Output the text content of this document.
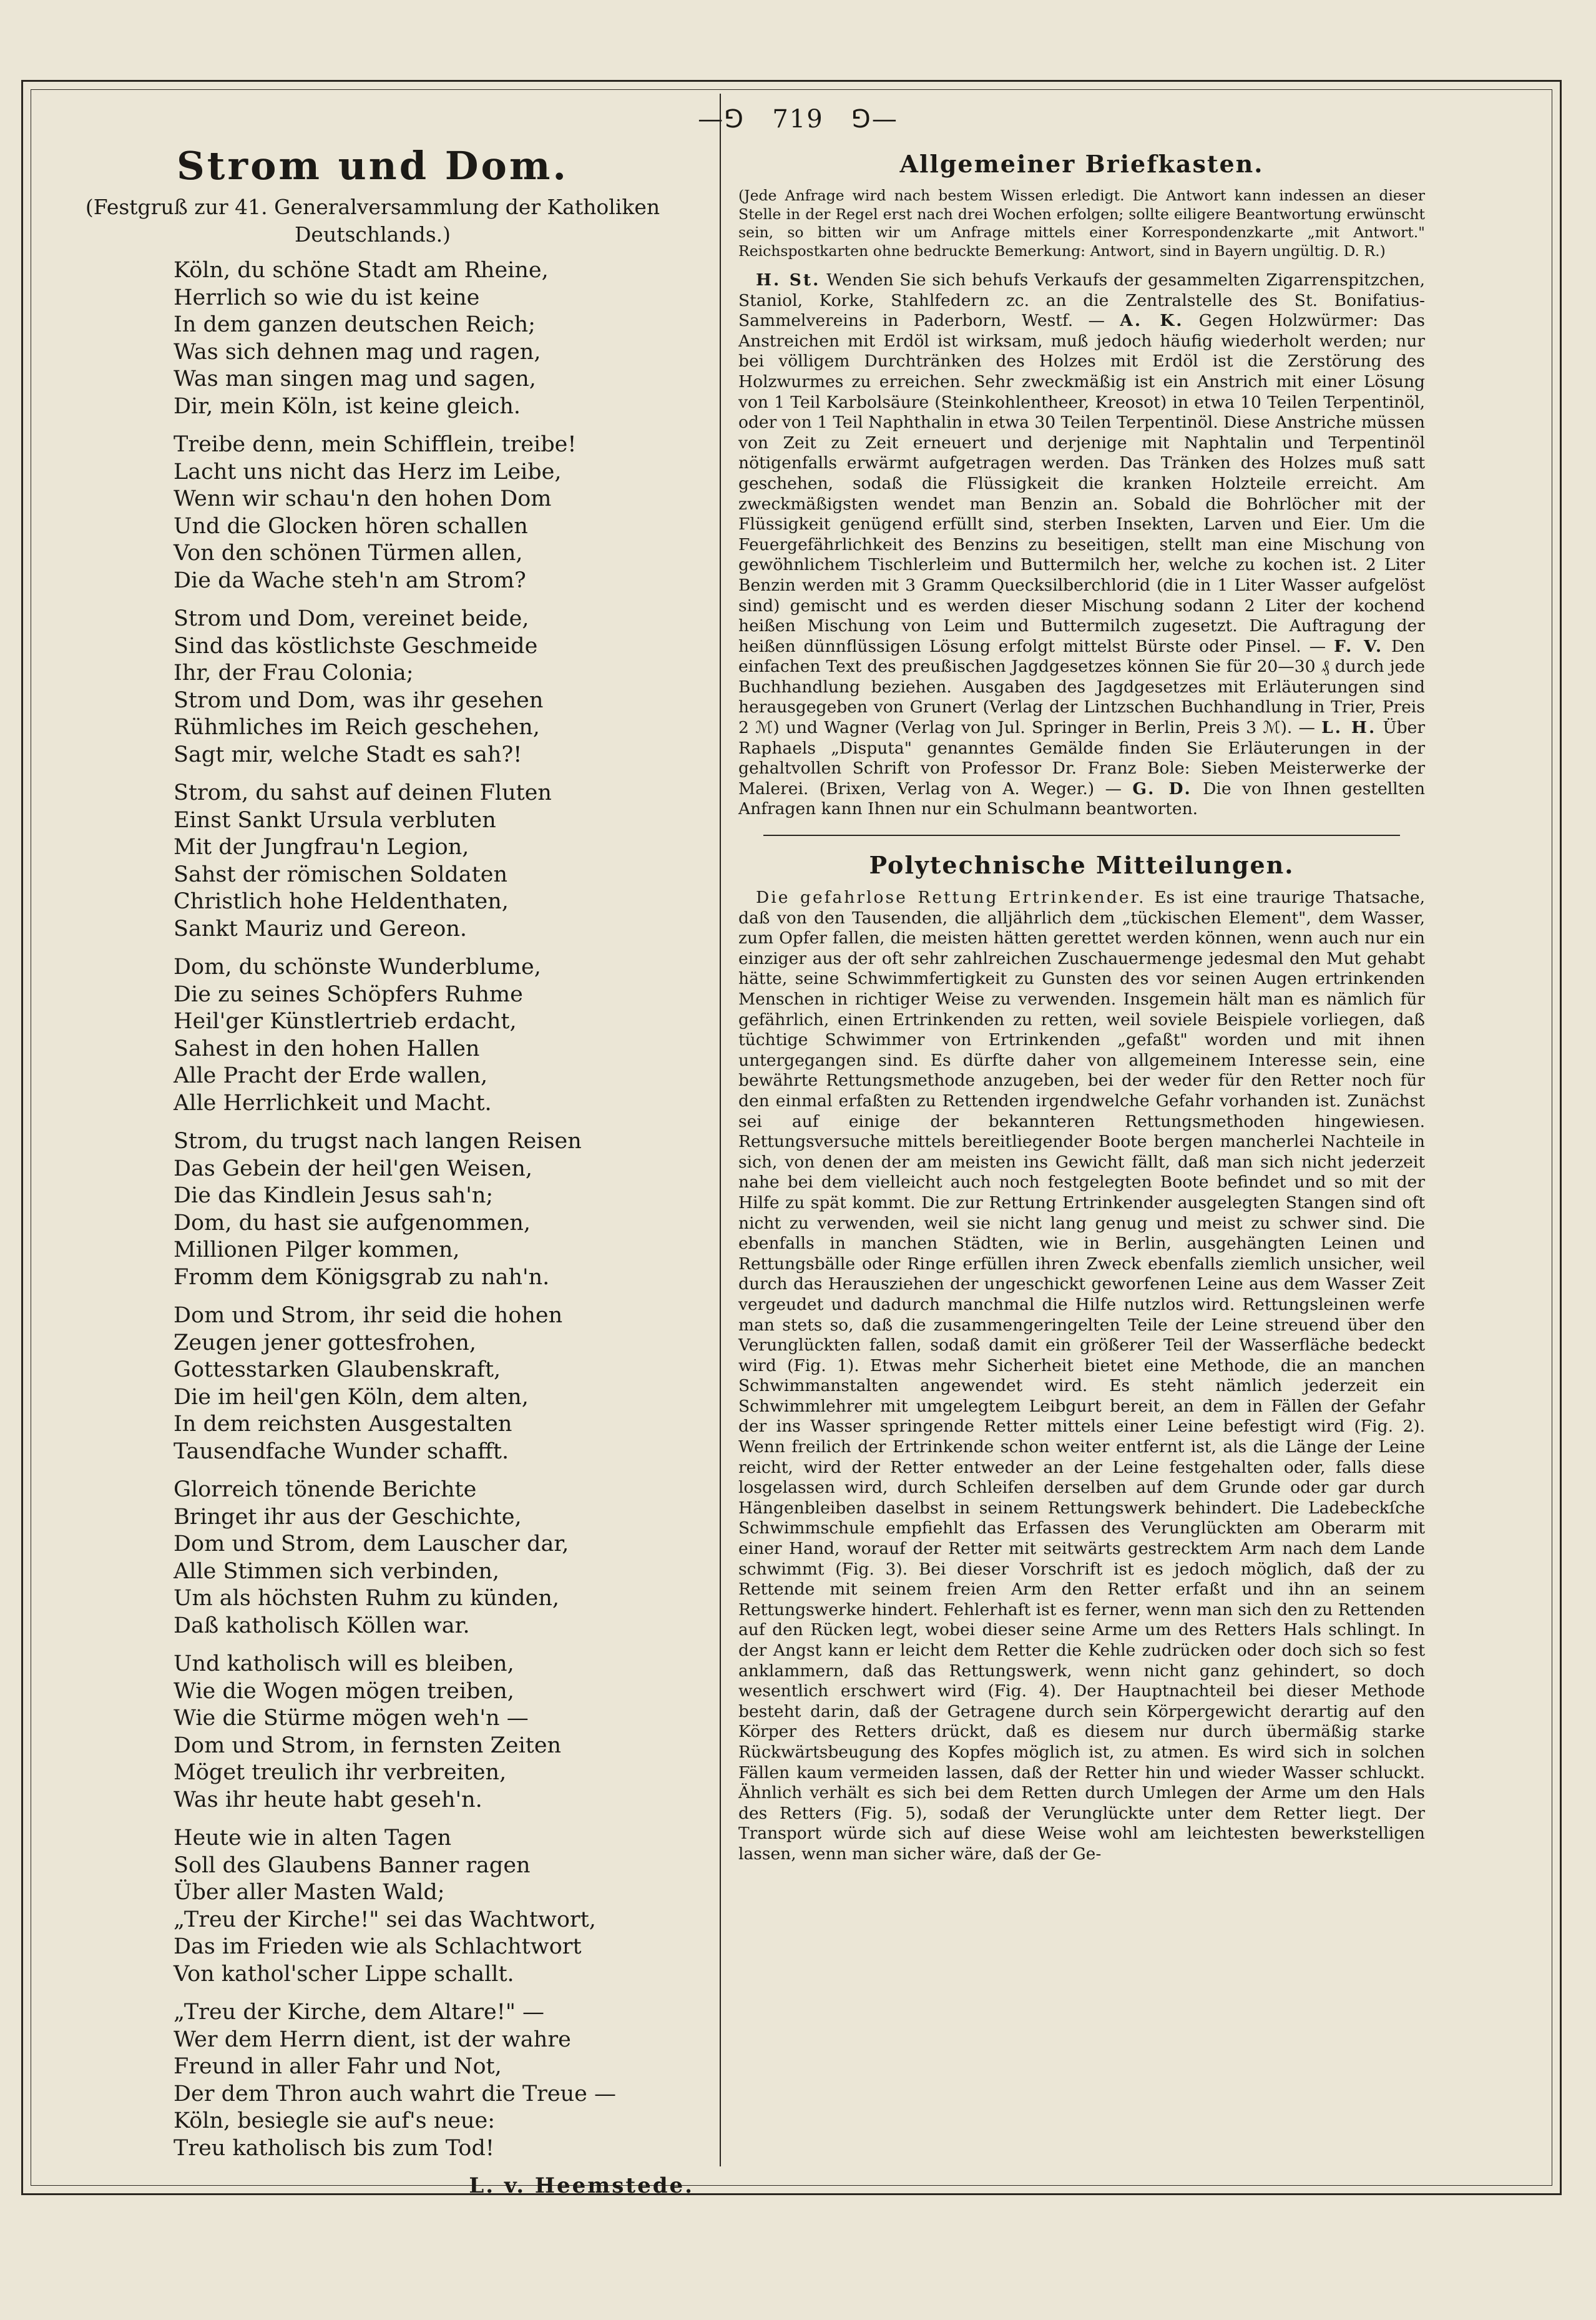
—⅁ 719 ⅁—
Strom und Dom.
(Festgruß zur 41. Generalversammlung der Katholiken Deutschlands.)
Köln, du schöne Stadt am Rheine,
Herrlich so wie du ist keine
In dem ganzen deutschen Reich;
Was sich dehnen mag und ragen,
Was man singen mag und sagen,
Dir, mein Köln, ist keine gleich.
Treibe denn, mein Schifflein, treibe!
Lacht uns nicht das Herz im Leibe,
Wenn wir schau'n den hohen Dom
Und die Glocken hören schallen
Von den schönen Türmen allen,
Die da Wache steh'n am Strom?
Strom und Dom, vereinet beide,
Sind das köstlichste Geschmeide
Ihr, der Frau Colonia;
Strom und Dom, was ihr gesehen
Rühmliches im Reich geschehen,
Sagt mir, welche Stadt es sah?!
Strom, du sahst auf deinen Fluten
Einst Sankt Ursula verbluten
Mit der Jungfrau'n Legion,
Sahst der römischen Soldaten
Christlich hohe Heldenthaten,
Sankt Mauriz und Gereon.
Dom, du schönste Wunderblume,
Die zu seines Schöpfers Ruhme
Heil'ger Künstlertrieb erdacht,
Sahest in den hohen Hallen
Alle Pracht der Erde wallen,
Alle Herrlichkeit und Macht.
Strom, du trugst nach langen Reisen
Das Gebein der heil'gen Weisen,
Die das Kindlein Jesus sah'n;
Dom, du hast sie aufgenommen,
Millionen Pilger kommen,
Fromm dem Königsgrab zu nah'n.
Dom und Strom, ihr seid die hohen
Zeugen jener gottesfrohen,
Gottesstarken Glaubenskraft,
Die im heil'gen Köln, dem alten,
In dem reichsten Ausgestalten
Tausendfache Wunder schafft.
Glorreich tönende Berichte
Bringet ihr aus der Geschichte,
Dom und Strom, dem Lauscher dar,
Alle Stimmen sich verbinden,
Um als höchsten Ruhm zu künden,
Daß katholisch Köllen war.
Und katholisch will es bleiben,
Wie die Wogen mögen treiben,
Wie die Stürme mögen weh'n —
Dom und Strom, in fernsten Zeiten
Möget treulich ihr verbreiten,
Was ihr heute habt geseh'n.
Heute wie in alten Tagen
Soll des Glaubens Banner ragen
Über aller Masten Wald;
„Treu der Kirche!" sei das Wachtwort,
Das im Frieden wie als Schlachtwort
Von kathol'scher Lippe schallt.
„Treu der Kirche, dem Altare!" —
Wer dem Herrn dient, ist der wahre
Freund in aller Fahr und Not,
Der dem Thron auch wahrt die Treue —
Köln, besiegle sie auf's neue:
Treu katholisch bis zum Tod!
L. v. Heemstede.
Allgemeiner Briefkasten.

(Jede Anfrage wird nach bestem Wissen erledigt. Die Antwort kann indessen an dieser Stelle in der Regel erst nach drei Wochen erfolgen; sollte eiligere Beantwortung erwünscht sein, so bitten wir um Anfrage mittels einer Korrespondenzkarte „mit Antwort." Reichspostkarten ohne bedruckte Bemerkung: Antwort, sind in Bayern ungültig. D. R.)

H. St. Wenden Sie sich behufs Verkaufs der gesammelten Zigarrenspitzchen, Staniol, Korke, Stahlfedern zc. an die Zentralstelle des St. Bonifatius-Sammelvereins in Paderborn, Westf. — A. K. Gegen Holzwürmer: Das Anstreichen mit Erdöl ist wirksam, muß jedoch häufig wiederholt werden; nur bei völligem Durchtränken des Holzes mit Erdöl ist die Zerstörung des Holzwurmes zu erreichen. Sehr zweckmäßig ist ein Anstrich mit einer Lösung von 1 Teil Karbolsäure (Steinkohlentheer, Kreosot) in etwa 10 Teilen Terpentinöl, oder von 1 Teil Naphthalin in etwa 30 Teilen Terpentinöl. Diese Anstriche müssen von Zeit zu Zeit erneuert und derjenige mit Naphtalin und Terpentinöl nötigenfalls erwärmt aufgetragen werden. Das Tränken des Holzes muß satt geschehen, sodaß die Flüssigkeit die kranken Holzteile erreicht. Am zweckmäßigsten wendet man Benzin an. Sobald die Bohrlöcher mit der Flüssigkeit genügend erfüllt sind, sterben Insekten, Larven und Eier. Um die Feuergefährlichkeit des Benzins zu beseitigen, stellt man eine Mischung von gewöhnlichem Tischlerleim und Buttermilch her, welche zu kochen ist. 2 Liter Benzin werden mit 3 Gramm Quecksilberchlorid (die in 1 Liter Wasser aufgelöst sind) gemischt und es werden dieser Mischung sodann 2 Liter der kochend heißen Mischung von Leim und Buttermilch zugesetzt. Die Auftragung der heißen dünnflüssigen Lösung erfolgt mittelst Bürste oder Pinsel. — F. V. Den einfachen Text des preußischen Jagdgesetzes können Sie für 20—30 ₰ durch jede Buchhandlung beziehen. Ausgaben des Jagdgesetzes mit Erläuterungen sind herausgegeben von Grunert (Verlag der Lintzschen Buchhandlung in Trier, Preis 2 ℳ) und Wagner (Verlag von Jul. Springer in Berlin, Preis 3 ℳ). — L. H. Über Raphaels „Disputa" genanntes Gemälde finden Sie Erläuterungen in der gehaltvollen Schrift von Professor Dr. Franz Bole: Sieben Meisterwerke der Malerei. (Brixen, Verlag von A. Weger.) — G. D. Die von Ihnen gestellten Anfragen kann Ihnen nur ein Schulmann beantworten.

Polytechnische Mitteilungen.

Die gefahrlose Rettung Ertrinkender. Es ist eine traurige Thatsache, daß von den Tausenden, die alljährlich dem „tückischen Element", dem Wasser, zum Opfer fallen, die meisten hätten gerettet werden können, wenn auch nur ein einziger aus der oft sehr zahlreichen Zuschauermenge jedesmal den Mut gehabt hätte, seine Schwimmfertigkeit zu Gunsten des vor seinen Augen ertrinkenden Menschen in richtiger Weise zu verwenden. Insgemein hält man es nämlich für gefährlich, einen Ertrinkenden zu retten, weil soviele Beispiele vorliegen, daß tüchtige Schwimmer von Ertrinkenden „gefaßt" worden und mit ihnen untergegangen sind. Es dürfte daher von allgemeinem Interesse sein, eine bewährte Rettungsmethode anzugeben, bei der weder für den Retter noch für den einmal erfaßten zu Rettenden irgendwelche Gefahr vorhanden ist. Zunächst sei auf einige der bekannteren Rettungsmethoden hingewiesen. Rettungsversuche mittels bereitliegender Boote bergen mancherlei Nachteile in sich, von denen der am meisten ins Gewicht fällt, daß man sich nicht jederzeit nahe bei dem vielleicht auch noch festgelegten Boote befindet und so mit der Hilfe zu spät kommt. Die zur Rettung Ertrinkender ausgelegten Stangen sind oft nicht zu verwenden, weil sie nicht lang genug und meist zu schwer sind. Die ebenfalls in manchen Städten, wie in Berlin, ausgehängten Leinen und Rettungsbälle oder Ringe erfüllen ihren Zweck ebenfalls ziemlich unsicher, weil durch das Herausziehen der ungeschickt geworfenen Leine aus dem Wasser Zeit vergeudet und dadurch manchmal die Hilfe nutzlos wird. Rettungsleinen werfe man stets so, daß die zusammengeringelten Teile der Leine streuend über den Verunglückten fallen, sodaß damit ein größerer Teil der Wasserfläche bedeckt wird (Fig. 1). Etwas mehr Sicherheit bietet eine Methode, die an manchen Schwimmanstalten angewendet wird. Es steht nämlich jederzeit ein Schwimmlehrer mit umgelegtem Leibgurt bereit, an dem in Fällen der Gefahr der ins Wasser springende Retter mittels einer Leine befestigt wird (Fig. 2). Wenn freilich der Ertrinkende schon weiter entfernt ist, als die Länge der Leine reicht, wird der Retter entweder an der Leine festgehalten oder, falls diese losgelassen wird, durch Schleifen derselben auf dem Grunde oder gar durch Hängenbleiben daselbst in seinem Rettungswerk behindert. Die Ladebeckſche Schwimmschule empfiehlt das Erfassen des Verunglückten am Oberarm mit einer Hand, worauf der Retter mit seitwärts gestrecktem Arm nach dem Lande schwimmt (Fig. 3). Bei dieser Vorschrift ist es jedoch möglich, daß der zu Rettende mit seinem freien Arm den Retter erfaßt und ihn an seinem Rettungswerke hindert. Fehlerhaft ist es ferner, wenn man sich den zu Rettenden auf den Rücken legt, wobei dieser seine Arme um des Retters Hals schlingt. In der Angst kann er leicht dem Retter die Kehle zudrücken oder doch sich so fest anklammern, daß das Rettungswerk, wenn nicht ganz gehindert, so doch wesentlich erschwert wird (Fig. 4). Der Hauptnachteil bei dieser Methode besteht darin, daß der Getragene durch sein Körpergewicht derartig auf den Körper des Retters drückt, daß es diesem nur durch übermäßig starke Rückwärtsbeugung des Kopfes möglich ist, zu atmen. Es wird sich in solchen Fällen kaum vermeiden lassen, daß der Retter hin und wieder Wasser schluckt. Ähnlich verhält es sich bei dem Retten durch Umlegen der Arme um den Hals des Retters (Fig. 5), sodaß der Verunglückte unter dem Retter liegt. Der Transport würde sich auf diese Weise wohl am leichtesten bewerkstelligen lassen, wenn man sicher wäre, daß der Ge-
